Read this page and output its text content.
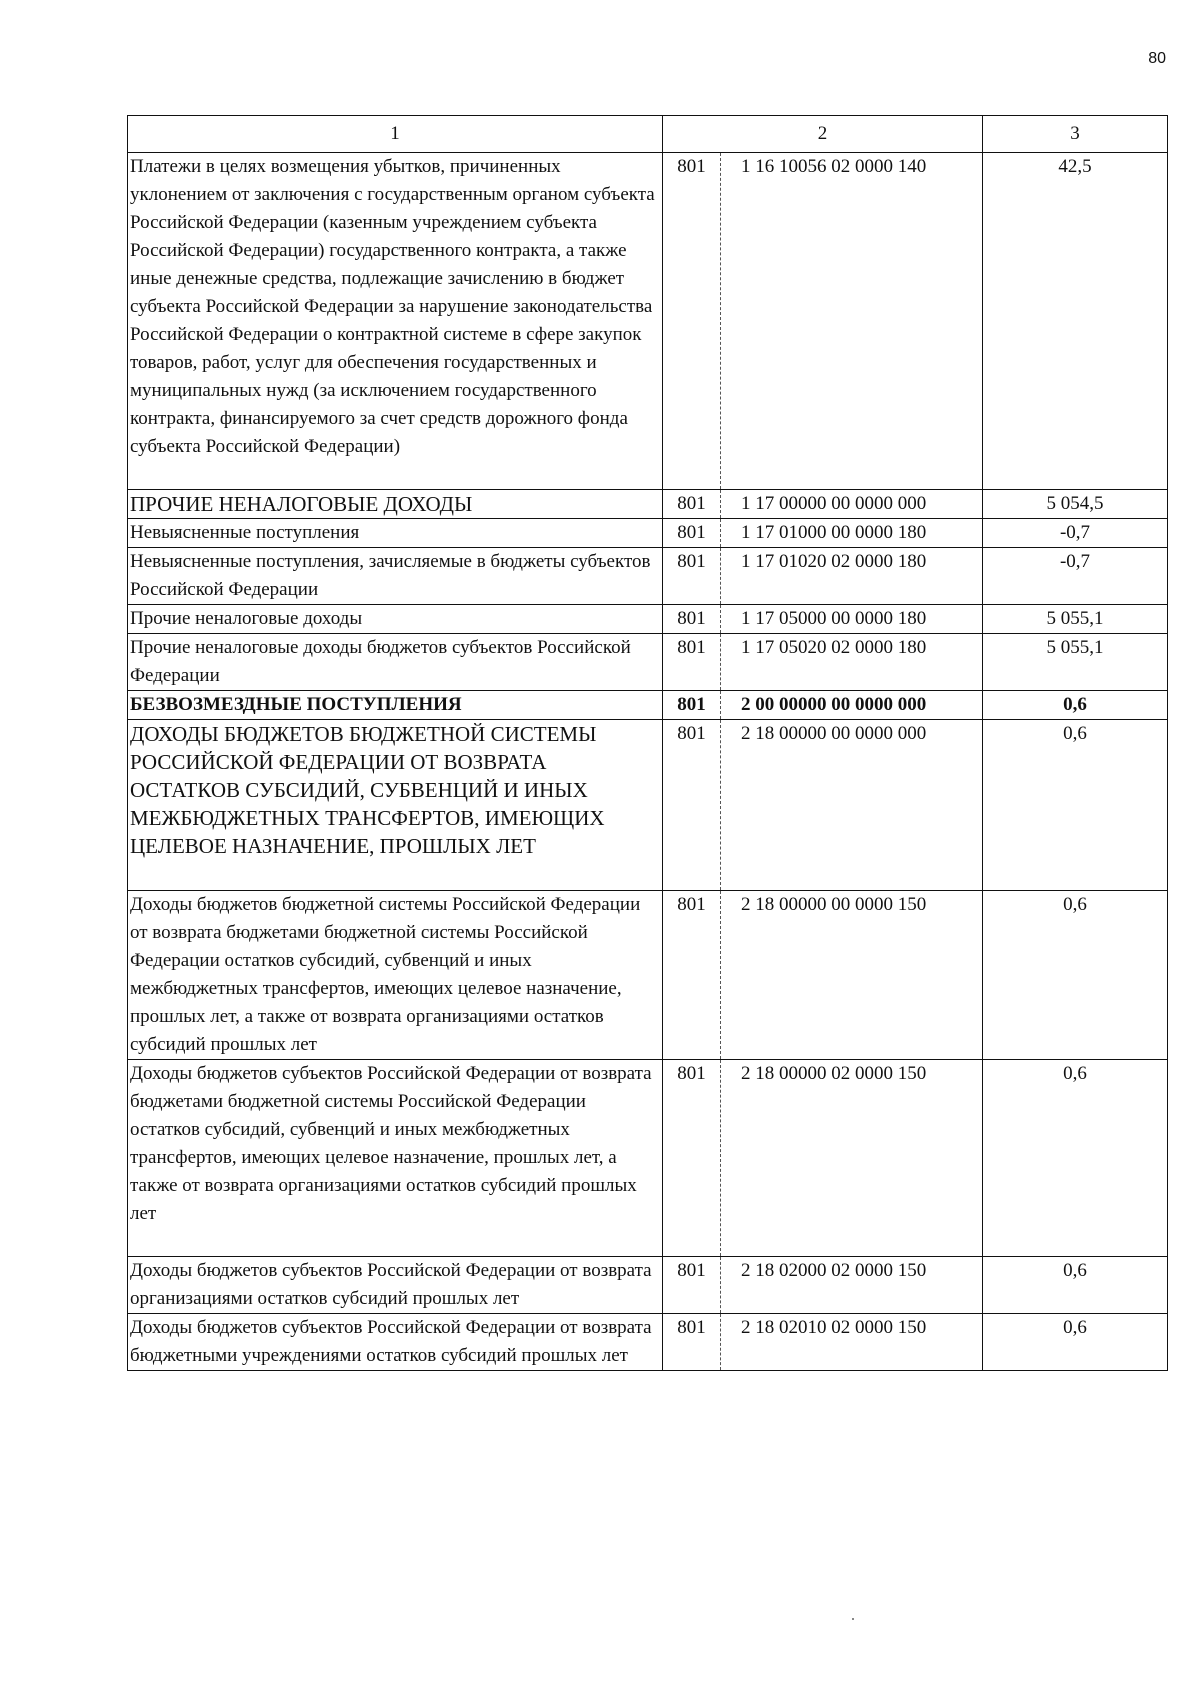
80
1	2		3
Платежи в целях возмещения убытков, причиненных уклонением от заключения с государственным органом субъекта Российской Федерации (казенным учреждением субъекта Российской Федерации) государственного контракта, а также иные денежные средства, подлежащие зачислению в бюджет субъекта Российской Федерации за нарушение законодательства Российской Федерации о контрактной системе в сфере закупок товаров, работ, услуг для обеспечения государственных и муниципальных нужд (за исключением государственного контракта, финансируемого за счет средств дорожного фонда субъекта Российской Федерации)	801	1 16 10056 02 0000 140	42,5
ПРОЧИЕ НЕНАЛОГОВЫЕ ДОХОДЫ	801	1 17 00000 00 0000 000	5 054,5
Невыясненные поступления	801	1 17 01000 00 0000 180	-0,7
Невыясненные поступления, зачисляемые в бюджеты субъектов Российской Федерации	801	1 17 01020 02 0000 180	-0,7
Прочие неналоговые доходы	801	1 17 05000 00 0000 180	5 055,1
Прочие неналоговые доходы бюджетов субъектов Российской Федерации	801	1 17 05020 02 0000 180	5 055,1
БЕЗВОЗМЕЗДНЫЕ ПОСТУПЛЕНИЯ	801	2 00 00000 00 0000 000	0,6
ДОХОДЫ БЮДЖЕТОВ БЮДЖЕТНОЙ СИСТЕМЫ РОССИЙСКОЙ ФЕДЕРАЦИИ ОТ ВОЗВРАТА ОСТАТКОВ СУБСИДИЙ, СУБВЕНЦИЙ И ИНЫХ МЕЖБЮДЖЕТНЫХ ТРАНСФЕРТОВ, ИМЕЮЩИХ ЦЕЛЕВОЕ НАЗНАЧЕНИЕ, ПРОШЛЫХ ЛЕТ	801	2 18 00000 00 0000 000	0,6
Доходы бюджетов бюджетной системы Российской Федерации от возврата бюджетами бюджетной системы Российской Федерации остатков субсидий, субвенций и иных межбюджетных трансфертов, имеющих целевое назначение, прошлых лет, а также от возврата организациями остатков субсидий прошлых лет	801	2 18 00000 00 0000 150	0,6
Доходы бюджетов субъектов Российской Федерации от возврата бюджетами бюджетной системы Российской Федерации остатков субсидий, субвенций и иных межбюджетных трансфертов, имеющих целевое назначение, прошлых лет, а также от возврата организациями остатков субсидий прошлых лет	801	2 18 00000 02 0000 150	0,6
Доходы бюджетов субъектов Российской Федерации от возврата организациями остатков субсидий прошлых лет	801	2 18 02000 02 0000 150	0,6
Доходы бюджетов субъектов Российской Федерации от возврата бюджетными учреждениями остатков субсидий прошлых лет	801	2 18 02010 02 0000 150	0,6
